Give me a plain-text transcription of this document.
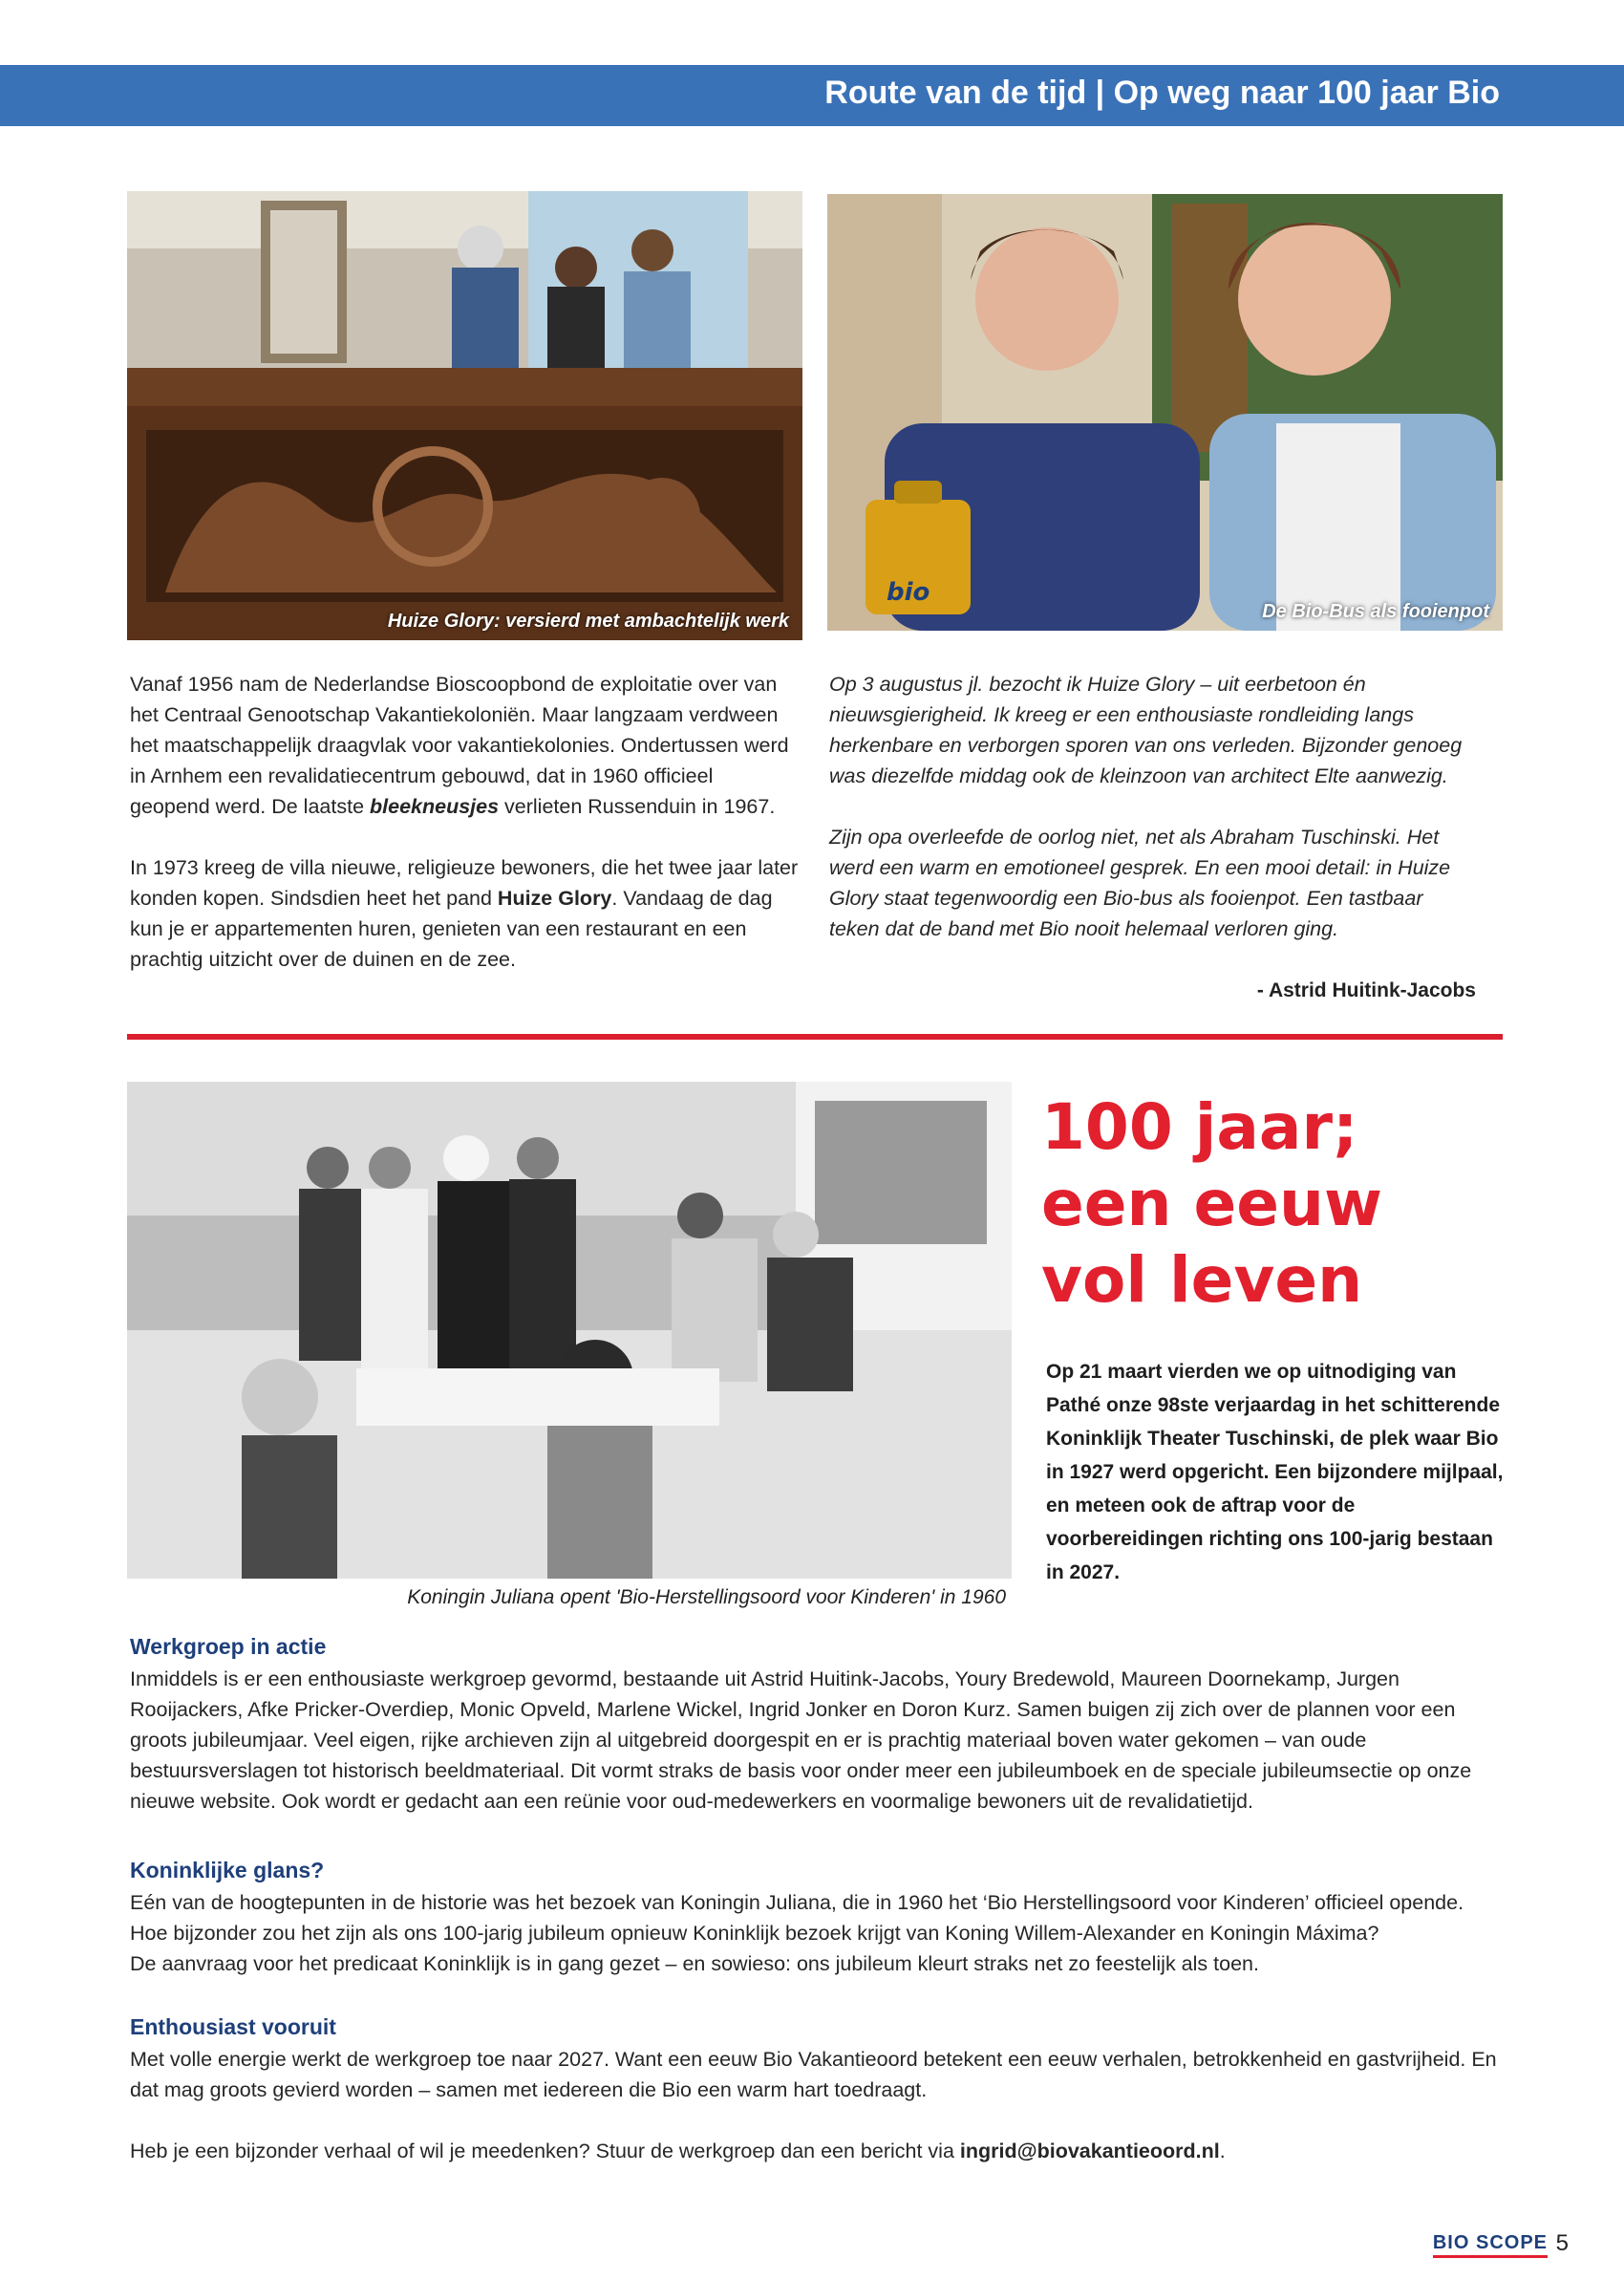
Route van de tijd | Op weg naar 100 jaar Bio
Huize Glory: versierd met ambachtelijk werk
bio
De Bio-Bus als fooienpot

Vanaf 1956 nam de Nederlandse Bioscoopbond de exploitatie over van het Centraal Genootschap Vakantiekoloniën. Maar langzaam verdween het maatschappelijk draagvlak voor vakantiekolonies. Ondertussen werd in Arnhem een revalidatiecentrum gebouwd, dat in 1960 officieel geopend werd. De laatste bleekneusjes verlieten Russenduin in 1967.

In 1973 kreeg de villa nieuwe, religieuze bewoners, die het twee jaar later konden kopen. Sindsdien heet het pand Huize Glory. Vandaag de dag kun je er appartementen huren, genieten van een restaurant en een prachtig uitzicht over de duinen en de zee.

Op 3 augustus jl. bezocht ik Huize Glory – uit eerbetoon én nieuwsgierigheid. Ik kreeg er een enthousiaste rondleiding langs herkenbare en verborgen sporen van ons verleden. Bijzonder genoeg was diezelfde middag ook de kleinzoon van architect Elte aanwezig.

Zijn opa overleefde de oorlog niet, net als Abraham Tuschinski. Het werd een warm en emotioneel gesprek. En een mooi detail: in Huize Glory staat tegenwoordig een Bio-bus als fooienpot. Een tastbaar teken dat de band met Bio nooit helemaal verloren ging.

- Astrid Huitink-Jacobs
Koningin Juliana opent 'Bio-Herstellingsoord voor Kinderen' in 1960
100 jaar;
een eeuw
vol leven
Op 21 maart vierden we op uitnodiging van Pathé onze 98ste verjaardag in het schitterende Koninklijk Theater Tuschinski, de plek waar Bio in 1927 werd opgericht. Een bijzondere mijlpaal, en meteen ook de aftrap voor de voorbereidingen richting ons 100-jarig bestaan in 2027.
Werkgroep in actie

Inmiddels is er een enthousiaste werkgroep gevormd, bestaande uit Astrid Huitink-Jacobs, Youry Bredewold, Maureen Doornekamp, Jurgen Rooijackers, Afke Pricker-Overdiep, Monic Opveld, Marlene Wickel, Ingrid Jonker en Doron Kurz. Samen buigen zij zich over de plannen voor een groots jubileumjaar. Veel eigen, rijke archieven zijn al uitgebreid doorgespit en er is prachtig materiaal boven water gekomen – van oude bestuursverslagen tot historisch beeldmateriaal. Dit vormt straks de basis voor onder meer een jubileumboek en de speciale jubileumsectie op onze nieuwe website. Ook wordt er gedacht aan een reünie voor oud-medewerkers en voormalige bewoners uit de revalidatietijd.

Koninklijke glans?

Eén van de hoogtepunten in de historie was het bezoek van Koningin Juliana, die in 1960 het ‘Bio Herstellingsoord voor Kinderen’ officieel opende.

Hoe bijzonder zou het zijn als ons 100-jarig jubileum opnieuw Koninklijk bezoek krijgt van Koning Willem-Alexander en Koningin Máxima?

De aanvraag voor het predicaat Koninklijk is in gang gezet – en sowieso: ons jubileum kleurt straks net zo feestelijk als toen.

Enthousiast vooruit

Met volle energie werkt de werkgroep toe naar 2027. Want een eeuw Bio Vakantieoord betekent een eeuw verhalen, betrokkenheid en gastvrijheid. En dat mag groots gevierd worden – samen met iedereen die Bio een warm hart toedraagt.

Heb je een bijzonder verhaal of wil je meedenken? Stuur de werkgroep dan een bericht via ingrid@biovakantieoord.nl.

BIO SCOPE 5
